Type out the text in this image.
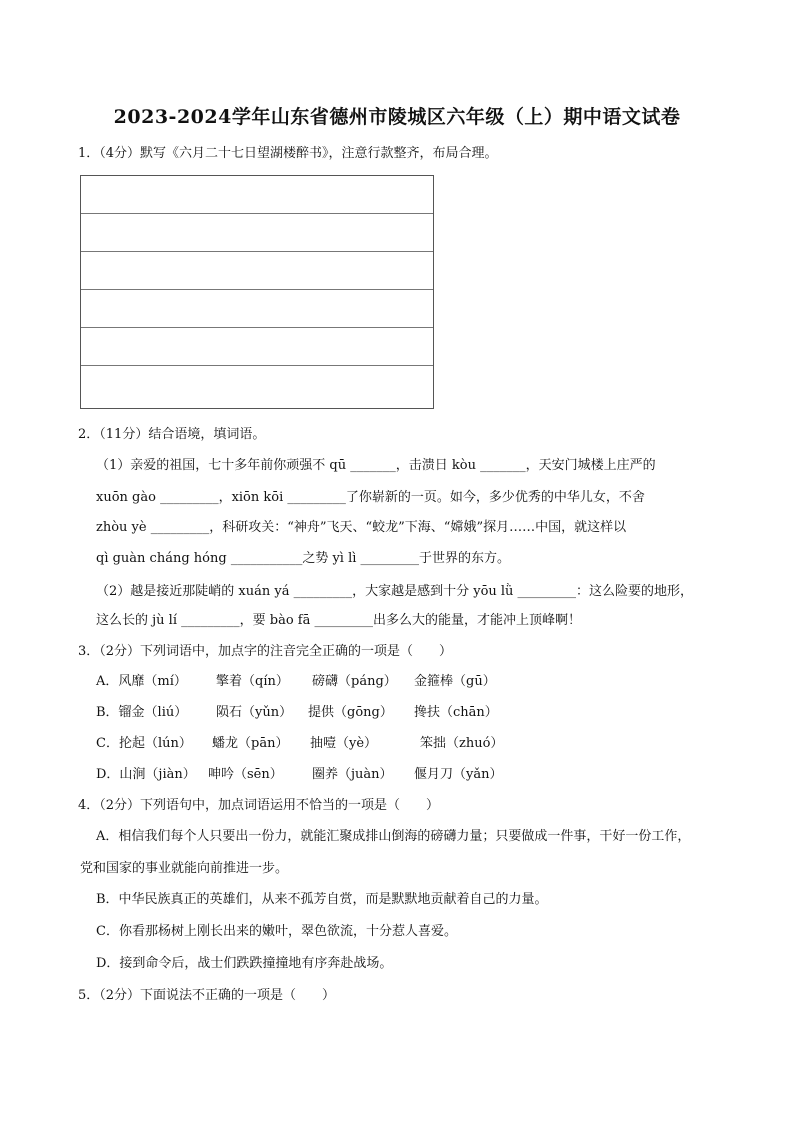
2023-2024学年山东省德州市陵城区六年级（上）期中语文试卷
1．（4分）默写《六月二十七日望湖楼醉书》，注意行款整齐，布局合理。
2．（11分）结合语境，填词语。
（1）亲爱的祖国，七十多年前你顽强不 qū _______，击溃日 kòu _______，天安门城楼上庄严的
xuōn gào _________，xiōn kōi _________了你崭新的一页。如今，多少优秀的中华儿女，不舍
zhòu yè _________，科研攻关：“神舟”飞天、“蛟龙”下海、“嫦娥”探月……中国，就这样以
qì guàn cháng hóng ___________之势 yì lì _________于世界的东方。
（2）越是接近那陡峭的 xuán yá _________，大家越是感到十分 yōu lǜ _________：这么险要的地形，
这么长的 jù lí _________，要 bào fā _________出多么大的能量，才能冲上顶峰啊！
3．（2分）下列词语中，加点字的注音完全正确的一项是（　　）
A．风靡（mí） 擎着（qín） 磅礴（páng） 金箍棒（gū）
B．镏金（liú） 陨石（yǔn） 提供（gōng） 搀扶（chān）
C．抡起（lún） 蟠龙（pān） 抽噎（yè）	笨拙（zhuó）
D．山涧（jiàn） 呻吟（sēn） 圈养（juàn） 偃月刀（yǎn）
4．（2分）下列语句中，加点词语运用不恰当的一项是（　　）
A．相信我们每个人只要出一份力，就能汇聚成排山倒海的磅礴力量；只要做成一件事，干好一份工作，
党和国家的事业就能向前推进一步。
B．中华民族真正的英雄们，从来不孤芳自赏，而是默默地贡献着自己的力量。
C．你看那杨树上刚长出来的嫩叶，翠色欲流，十分惹人喜爱。
D．接到命令后，战士们跌跌撞撞地有序奔赴战场。
5．（2分）下面说法不正确的一项是（　　）
